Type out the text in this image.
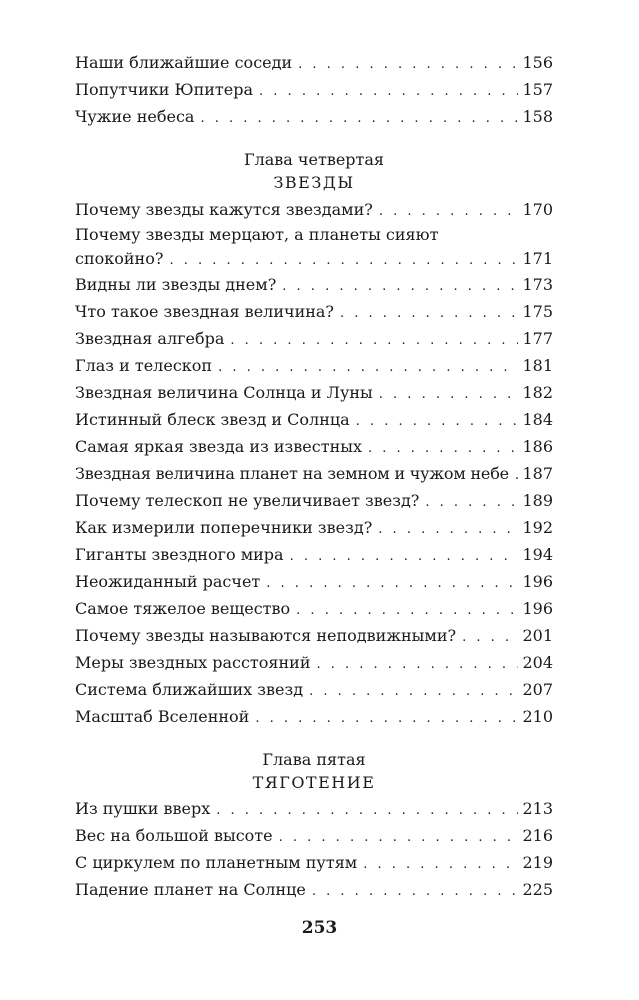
Наши ближайшие соседи . . .	156
Попутчики Юпитера . . .	157
Чужие небеса . . .	158
Глава четвертая
ЗВЕЗДЫ
Почему звезды кажутся звездами? . . .	170
Почему звезды мерцают, а планеты сияют
спокойно? . . .	171
Видны ли звезды днем? . . .	173
Что такое звездная величина? . . .	175
Звездная алгебра . . .	177
Глаз и телескоп . . .	181
Звездная величина Солнца и Луны . . .	182
Истинный блеск звезд и Солнца . . .	184
Самая яркая звезда из известных . . .	186
Звездная величина планет на земном и чужом небе . . . 187
Почему телескоп не увеличивает звезд? . . .	189
Как измерили поперечники звезд? . . .	192
Гиганты звездного мира . . .	194
Неожиданный расчет . . .	196
Самое тяжелое вещество . . .	196
Почему звезды называются неподвижными? . . .	201
Меры звездных расстояний . . .	204
Система ближайших звезд . . .	207
Масштаб Вселенной . . .	210
Глава пятая
ТЯГОТЕНИЕ
Из пушки вверх . . .	213
Вес на большой высоте . . .	216
С циркулем по планетным путям . . .	219
Падение планет на Солнце . . .	225
253
